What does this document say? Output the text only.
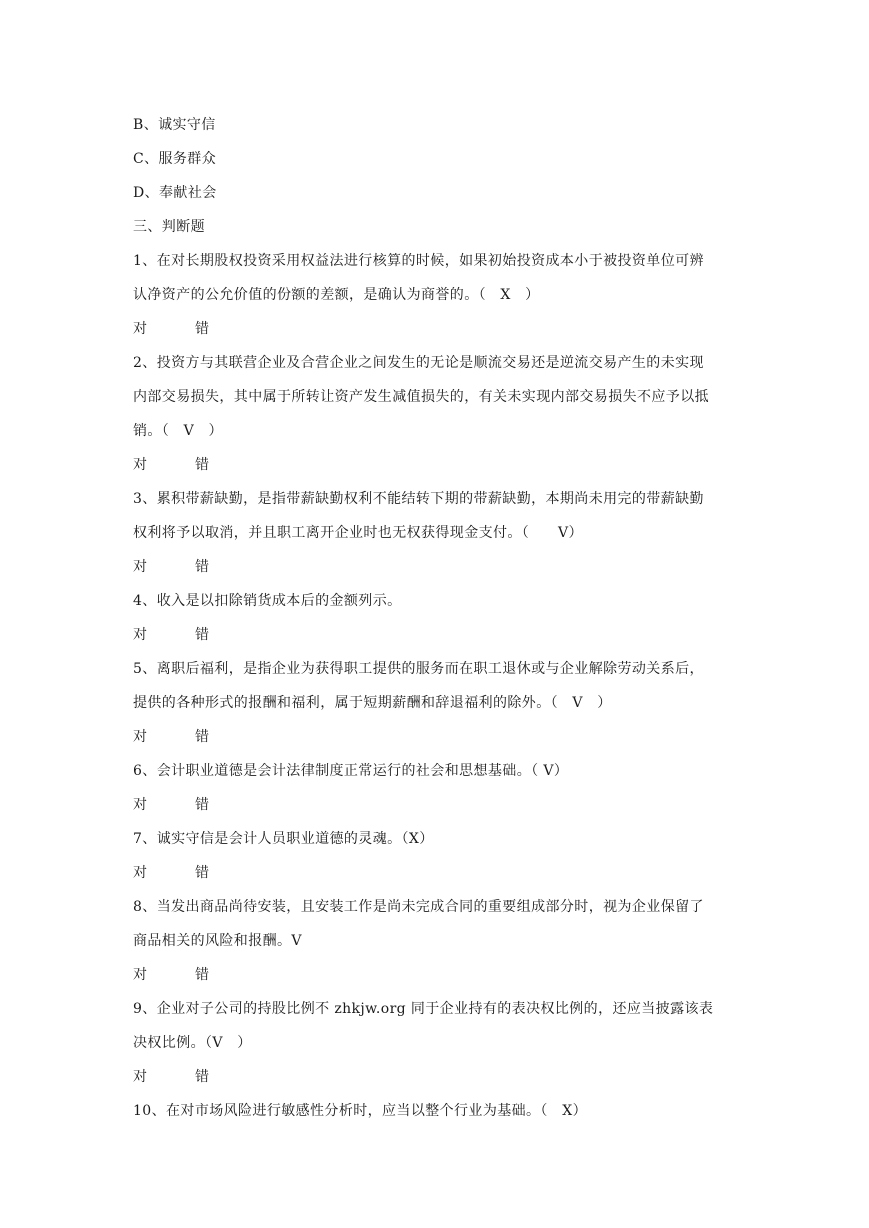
B、诚实守信
C、服务群众
D、奉献社会
三、判断题
1、在对长期股权投资采用权益法进行核算的时候，如果初始投资成本小于被投资单位可辨
认净资产的公允价值的份额的差额，是确认为商誉的。（　X　）
对	错
2、投资方与其联营企业及合营企业之间发生的无论是顺流交易还是逆流交易产生的未实现
内部交易损失，其中属于所转让资产发生减值损失的，有关未实现内部交易损失不应予以抵
销。（　V　）
对	错
3、累积带薪缺勤，是指带薪缺勤权利不能结转下期的带薪缺勤，本期尚未用完的带薪缺勤
权利将予以取消，并且职工离开企业时也无权获得现金支付。（　　V）
对	错
4、收入是以扣除销货成本后的金额列示。
对	错
5、离职后福利，是指企业为获得职工提供的服务而在职工退休或与企业解除劳动关系后，
提供的各种形式的报酬和福利，属于短期薪酬和辞退福利的除外。（　V　）
对	错
6、会计职业道德是会计法律制度正常运行的社会和思想基础。（ V）
对	错
7、诚实守信是会计人员职业道德的灵魂。（X）
对	错
8、当发出商品尚待安装，且安装工作是尚未完成合同的重要组成部分时，视为企业保留了
商品相关的风险和报酬。V
对	错
9、企业对子公司的持股比例不 zhkjw.org 同于企业持有的表决权比例的，还应当披露该表
决权比例。（V　）
对	错
10、在对市场风险进行敏感性分析时，应当以整个行业为基础。（　X）
